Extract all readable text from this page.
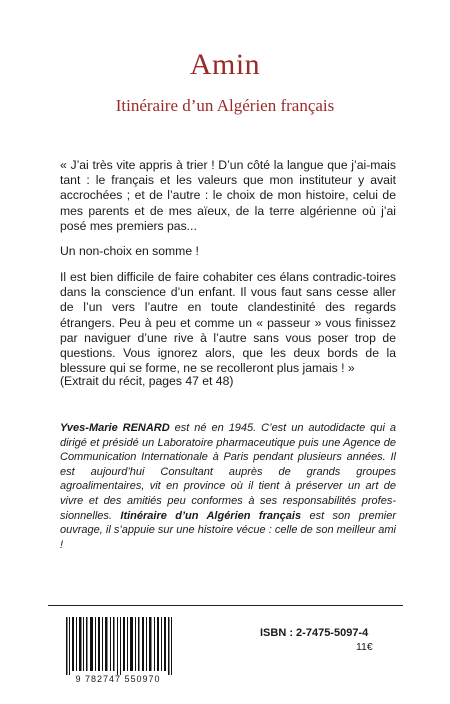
Amin
Itinéraire d’un Algérien français

« J’ai très vite appris à trier ! D’un côté la langue que j’ai-mais tant : le français et les valeurs que mon instituteur y avait accrochées ; et de l’autre : le choix de mon histoire, celui de mes parents et de mes aïeux, de la terre algérienne où j’ai posé mes premiers pas...

Un non-choix en somme !

Il est bien difficile de faire cohabiter ces élans contradic-toires dans la conscience d’un enfant. Il vous faut sans cesse aller de l’un vers l’autre en toute clandestinité des regards étrangers. Peu à peu et comme un « passeur » vous finissez par naviguer d’une rive à l’autre sans vous poser trop de questions. Vous ignorez alors, que les deux bords de la blessure qui se forme, ne se recolleront plus jamais ! »

(Extrait du récit, pages 47 et 48)

Yves-Marie RENARD est né en 1945. C’est un autodidacte qui a dirigé et présidé un Laboratoire pharmaceutique puis une Agence de Communication Internationale à Paris pendant plusieurs années. Il est aujourd’hui Consultant auprès de grands groupes agroalimentaires, vit en province où il tient à préserver un art de vivre et des amitiés peu conformes à ses responsabilités profes-sionnelles. Itinéraire d’un Algérien français est son premier ouvrage, il s’appuie sur une histoire vécue : celle de son meilleur ami !

9 782747 550970
ISBN : 2-7475-5097-4
11€
